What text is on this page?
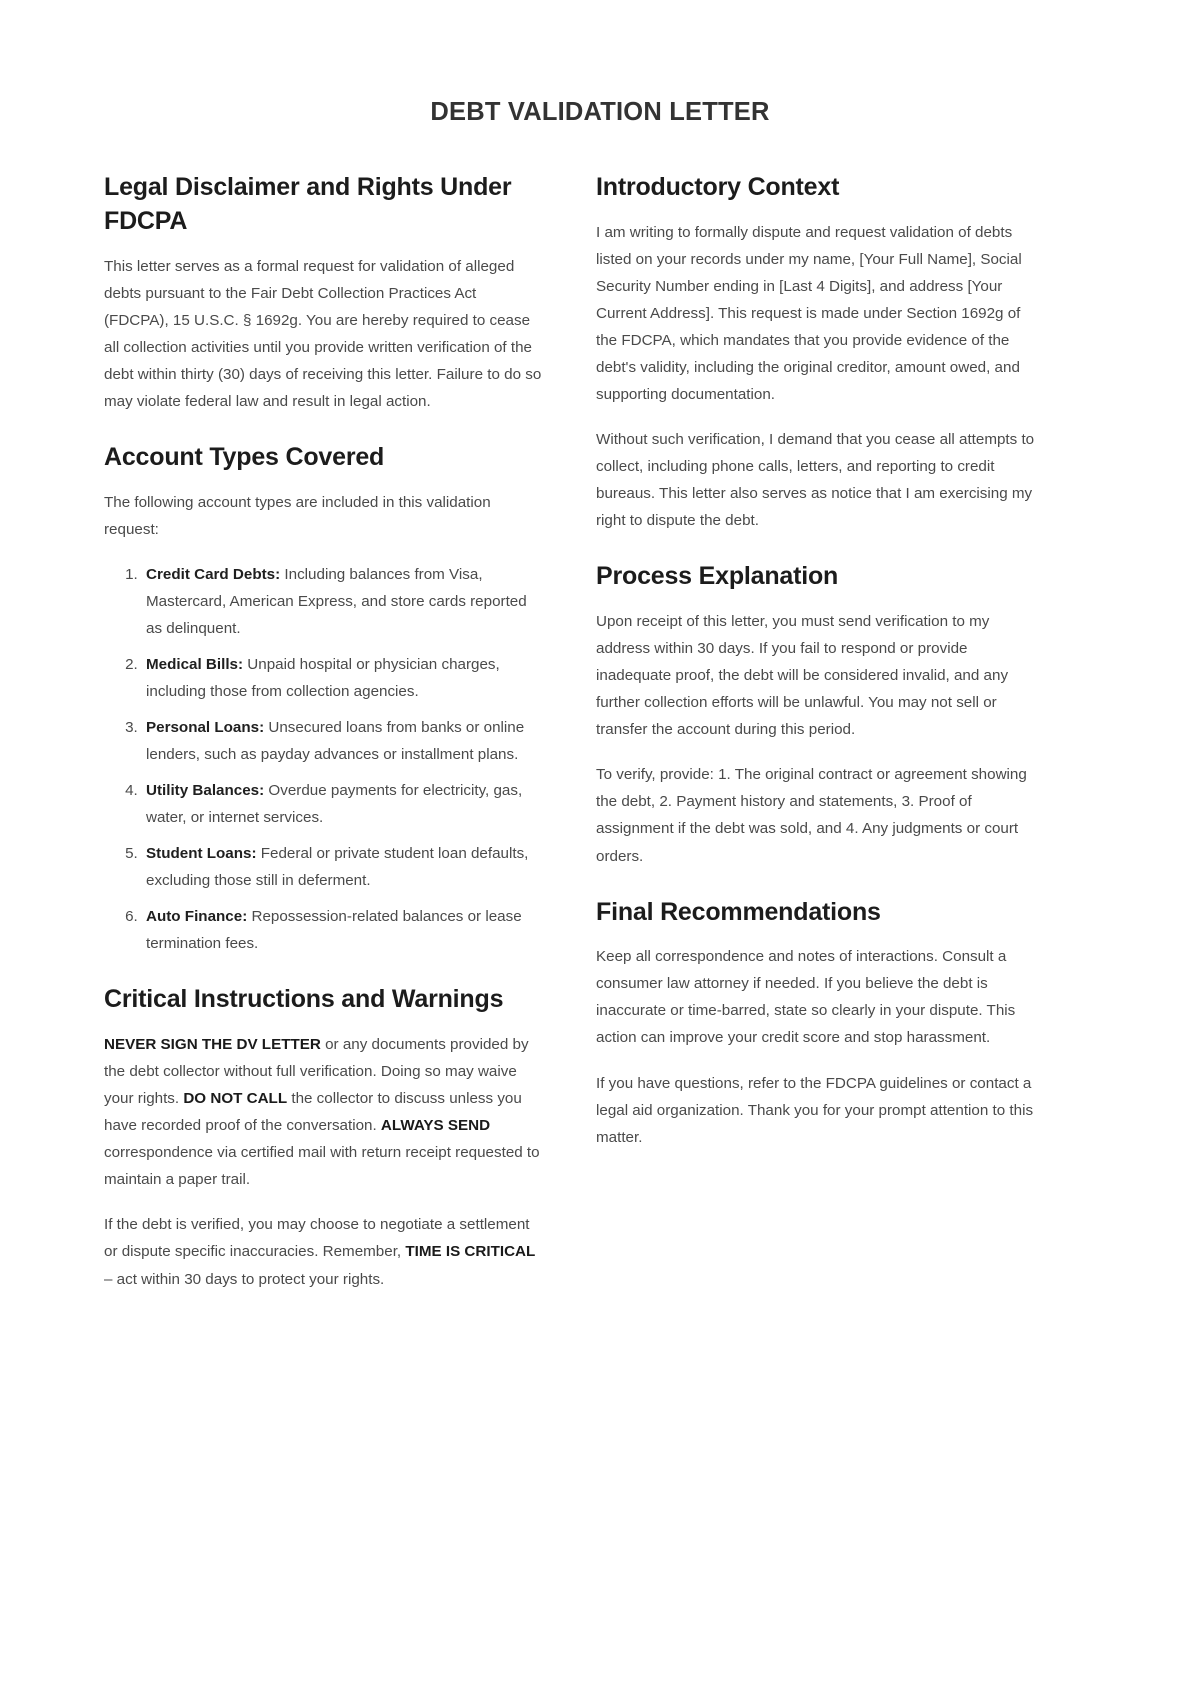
DEBT VALIDATION LETTER
Legal Disclaimer and Rights Under FDCPA

This letter serves as a formal request for validation of alleged debts pursuant to the Fair Debt Collection Practices Act (FDCPA), 15 U.S.C. § 1692g. You are hereby required to cease all collection activities until you provide written verification of the debt within thirty (30) days of receiving this letter. Failure to do so may violate federal law and result in legal action.

Account Types Covered

The following account types are included in this validation request:

1. Credit Card Debts: Including balances from Visa, Mastercard, American Express, and store cards reported as delinquent.
2. Medical Bills: Unpaid hospital or physician charges, including those from collection agencies.
3. Personal Loans: Unsecured loans from banks or online lenders, such as payday advances or installment plans.
4. Utility Balances: Overdue payments for electricity, gas, water, or internet services.
5. Student Loans: Federal or private student loan defaults, excluding those still in deferment.
6. Auto Finance: Repossession-related balances or lease termination fees.
Critical Instructions and Warnings

NEVER SIGN THE DV LETTER or any documents provided by the debt collector without full verification. Doing so may waive your rights. DO NOT CALL the collector to discuss unless you have recorded proof of the conversation. ALWAYS SEND correspondence via certified mail with return receipt requested to maintain a paper trail.

If the debt is verified, you may choose to negotiate a settlement or dispute specific inaccuracies. Remember, TIME IS CRITICAL – act within 30 days to protect your rights.

Introductory Context

I am writing to formally dispute and request validation of debts listed on your records under my name, [Your Full Name], Social Security Number ending in [Last 4 Digits], and address [Your Current Address]. This request is made under Section 1692g of the FDCPA, which mandates that you provide evidence of the debt's validity, including the original creditor, amount owed, and supporting documentation.

Without such verification, I demand that you cease all attempts to collect, including phone calls, letters, and reporting to credit bureaus. This letter also serves as notice that I am exercising my right to dispute the debt.

Process Explanation

Upon receipt of this letter, you must send verification to my address within 30 days. If you fail to respond or provide inadequate proof, the debt will be considered invalid, and any further collection efforts will be unlawful. You may not sell or transfer the account during this period.

To verify, provide: 1. The original contract or agreement showing the debt, 2. Payment history and statements, 3. Proof of assignment if the debt was sold, and 4. Any judgments or court orders.

Final Recommendations

Keep all correspondence and notes of interactions. Consult a consumer law attorney if needed. If you believe the debt is inaccurate or time-barred, state so clearly in your dispute. This action can improve your credit score and stop harassment.

If you have questions, refer to the FDCPA guidelines or contact a legal aid organization. Thank you for your prompt attention to this matter.
